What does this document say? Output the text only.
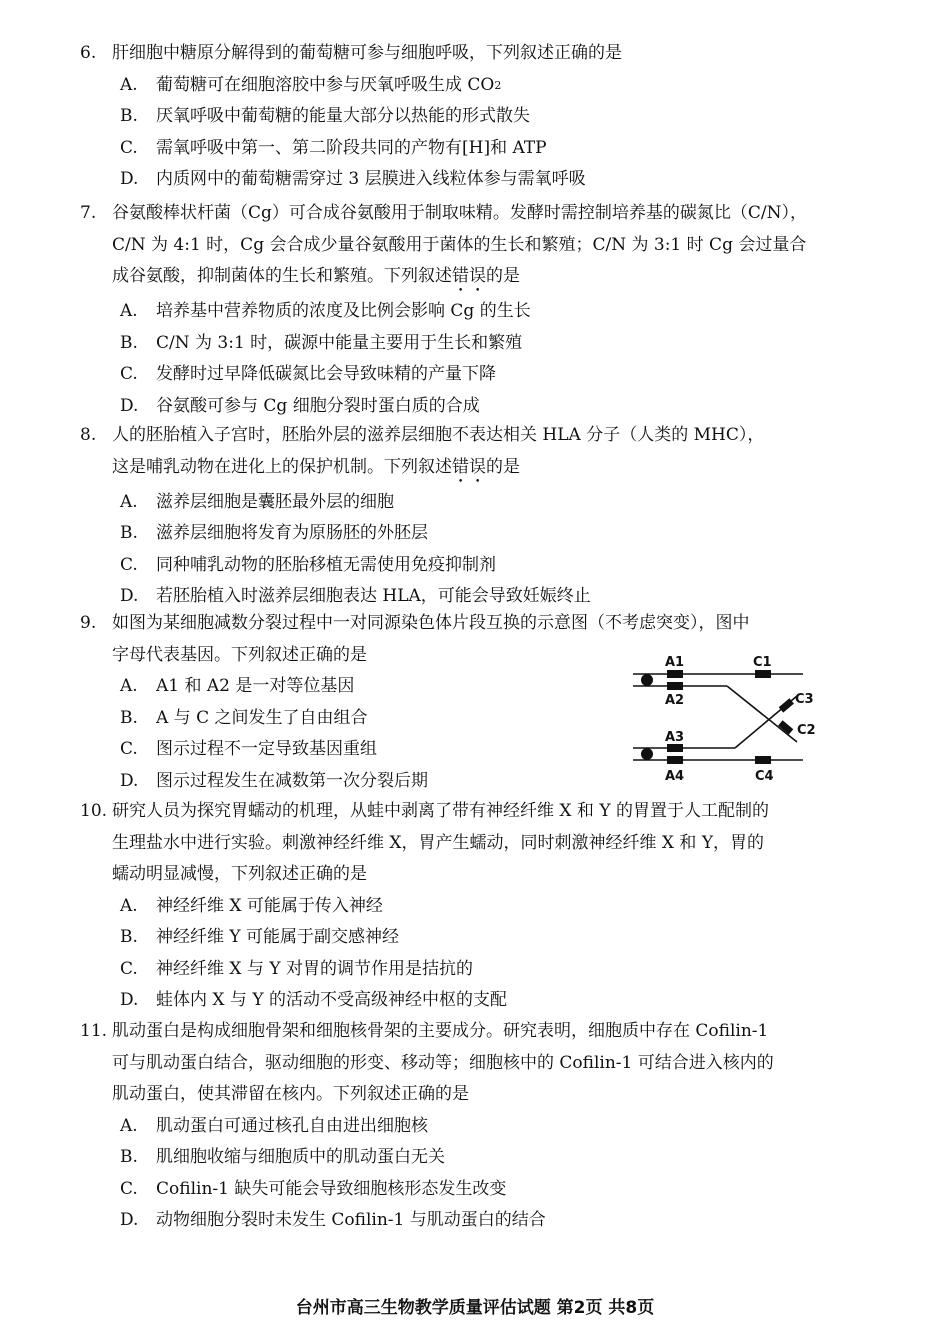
6. 肝细胞中糖原分解得到的葡萄糖可参与细胞呼吸，下列叙述正确的是
A.	葡萄糖可在细胞溶胶中参与厌氧呼吸生成 CO 2
B.	厌氧呼吸中葡萄糖的能量大部分以热能的形式散失
C.	需氧呼吸中第一、第二阶段共同的产物有[H]和 ATP
D.	内质网中的葡萄糖需穿过 3 层膜进入线粒体参与需氧呼吸
7. 谷氨酸棒状杆菌（Cg）可合成谷氨酸用于制取味精。发酵时需控制培养基的碳氮比（C/N），
C/N 为 4:1 时，Cg 会合成少量谷氨酸用于菌体的生长和繁殖；C/N 为 3:1 时 Cg 会过量合
成谷氨酸，抑制菌体的生长和繁殖。下列叙述错误的是
A.	培养基中营养物质的浓度及比例会影响 Cg 的生长
B.	C/N 为 3:1 时，碳源中能量主要用于生长和繁殖
C.	发酵时过早降低碳氮比会导致味精的产量下降
D.	谷氨酸可参与 Cg 细胞分裂时蛋白质的合成
8. 人的胚胎植入子宫时，胚胎外层的滋养层细胞不表达相关 HLA 分子（人类的 MHC），
这是哺乳动物在进化上的保护机制。下列叙述错误的是
A.	滋养层细胞是囊胚最外层的细胞
B.	滋养层细胞将发育为原肠胚的外胚层
C.	同种哺乳动物的胚胎移植无需使用免疫抑制剂
D.	若胚胎植入时滋养层细胞表达 HLA，可能会导致妊娠终止
9. 如图为某细胞减数分裂过程中一对同源染色体片段互换的示意图（不考虑突变），图中
字母代表基因。下列叙述正确的是
A.	A1 和 A2 是一对等位基因
B.	A 与 C 之间发生了自由组合
C.	图示过程不一定导致基因重组
D.	图示过程发生在减数第一次分裂后期
A1	C1
A2	C3
C2
A3
A4	C4
10. 研究人员为探究胃蠕动的机理，从蛙中剥离了带有神经纤维 X 和 Y 的胃置于人工配制的
生理盐水中进行实验。刺激神经纤维 X，胃产生蠕动，同时刺激神经纤维 X 和 Y，胃的
蠕动明显减慢，下列叙述正确的是
A.	神经纤维 X 可能属于传入神经
B.	神经纤维 Y 可能属于副交感神经
C.	神经纤维 X 与 Y 对胃的调节作用是拮抗的
D.	蛙体内 X 与 Y 的活动不受高级神经中枢的支配
11. 肌动蛋白是构成细胞骨架和细胞核骨架的主要成分。研究表明，细胞质中存在 Cofilin-1
可与肌动蛋白结合，驱动细胞的形变、移动等；细胞核中的 Cofilin-1 可结合进入核内的
肌动蛋白，使其滞留在核内。下列叙述正确的是
A.	肌动蛋白可通过核孔自由进出细胞核
B.	肌细胞收缩与细胞质中的肌动蛋白无关
C.	Cofilin-1 缺失可能会导致细胞核形态发生改变
D.	动物细胞分裂时未发生 Cofilin-1 与肌动蛋白的结合
台州市高三生物教学质量评估试题 第2页 共8页
